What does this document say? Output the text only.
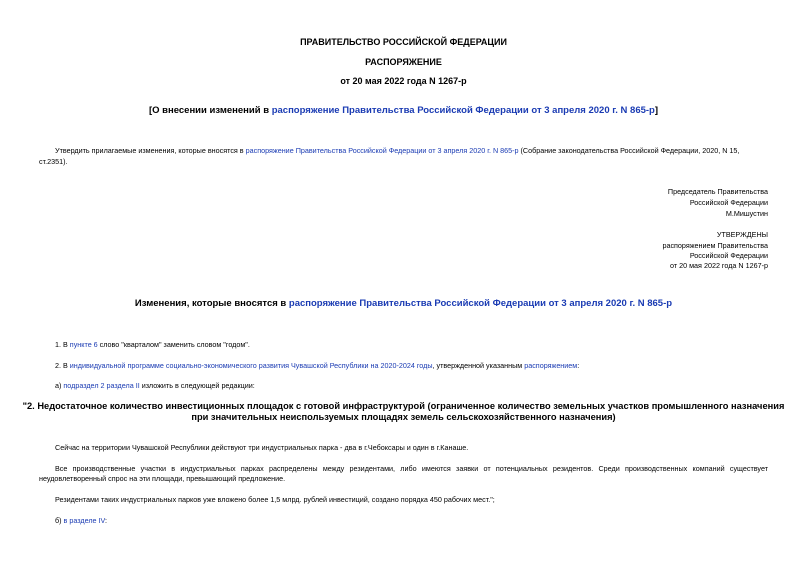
ПРАВИТЕЛЬСТВО РОССИЙСКОЙ ФЕДЕРАЦИИ
РАСПОРЯЖЕНИЕ
от 20 мая 2022 года N 1267-р
[О внесении изменений в распоряжение Правительства Российской Федерации от 3 апреля 2020 г. N 865-р]
Утвердить прилагаемые изменения, которые вносятся в распоряжение Правительства Российской Федерации от 3 апреля 2020 г. N 865-р (Собрание законодательства Российской Федерации, 2020, N 15,
ст.2351).
Председатель Правительства
Российской Федерации
М.Мишустин
УТВЕРЖДЕНЫ
распоряжением Правительства
Российской Федерации
от 20 мая 2022 года N 1267-р
Изменения, которые вносятся в распоряжение Правительства Российской Федерации от 3 апреля 2020 г. N 865-р
1. В пункте 6 слово "кварталом" заменить словом "годом".
2. В индивидуальной программе социально-экономического развития Чувашской Республики на 2020-2024 годы, утвержденной указанным распоряжением:
а) подраздел 2 раздела II изложить в следующей редакции:
"2. Недостаточное количество инвестиционных площадок с готовой инфраструктурой (ограниченное количество земельных участков промышленного назначения
при значительных неиспользуемых площадях земель сельскохозяйственного назначения)
Сейчас на территории Чувашской Республики действуют три индустриальных парка - два в г.Чебоксары и один в г.Канаше.
Все производственные участки в индустриальных парках распределены между резидентами, либо имеются заявки от потенциальных резидентов. Среди производственных компаний существует
неудовлетворенный спрос на эти площади, превышающий предложение.
Резидентами таких индустриальных парков уже вложено более 1,5 млрд. рублей инвестиций, создано порядка 450 рабочих мест.";
б) в разделе IV:
